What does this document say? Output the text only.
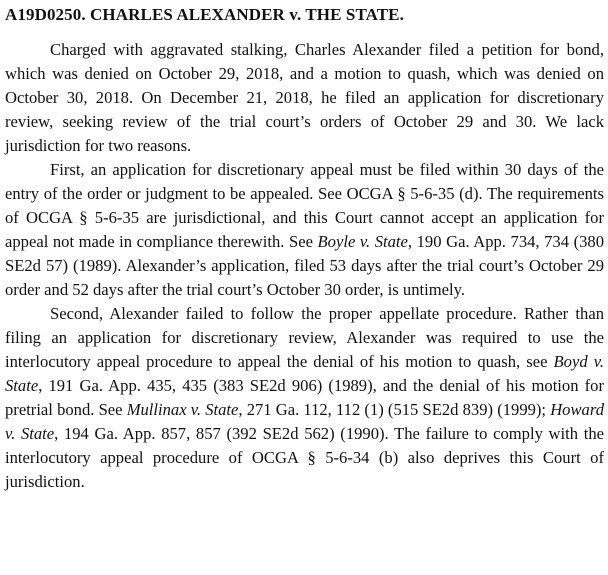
A19D0250. CHARLES ALEXANDER v. THE STATE.

Charged with aggravated stalking, Charles Alexander filed a petition for bond, which was denied on October 29, 2018, and a motion to quash, which was denied on October 30, 2018. On December 21, 2018, he filed an application for discretionary review, seeking review of the trial court’s orders of October 29 and 30. We lack jurisdiction for two reasons.

First, an application for discretionary appeal must be filed within 30 days of the entry of the order or judgment to be appealed. See OCGA § 5-6-35 (d). The requirements of OCGA § 5-6-35 are jurisdictional, and this Court cannot accept an application for appeal not made in compliance therewith. See Boyle v. State, 190 Ga. App. 734, 734 (380 SE2d 57) (1989). Alexander’s application, filed 53 days after the trial court’s October 29 order and 52 days after the trial court’s October 30 order, is untimely.

Second, Alexander failed to follow the proper appellate procedure. Rather than filing an application for discretionary review, Alexander was required to use the interlocutory appeal procedure to appeal the denial of his motion to quash, see Boyd v. State, 191 Ga. App. 435, 435 (383 SE2d 906) (1989), and the denial of his motion for pretrial bond. See Mullinax v. State, 271 Ga. 112, 112 (1) (515 SE2d 839) (1999); Howard v. State, 194 Ga. App. 857, 857 (392 SE2d 562) (1990). The failure to comply with the interlocutory appeal procedure of OCGA § 5-6-34 (b) also deprives this Court of jurisdiction.
